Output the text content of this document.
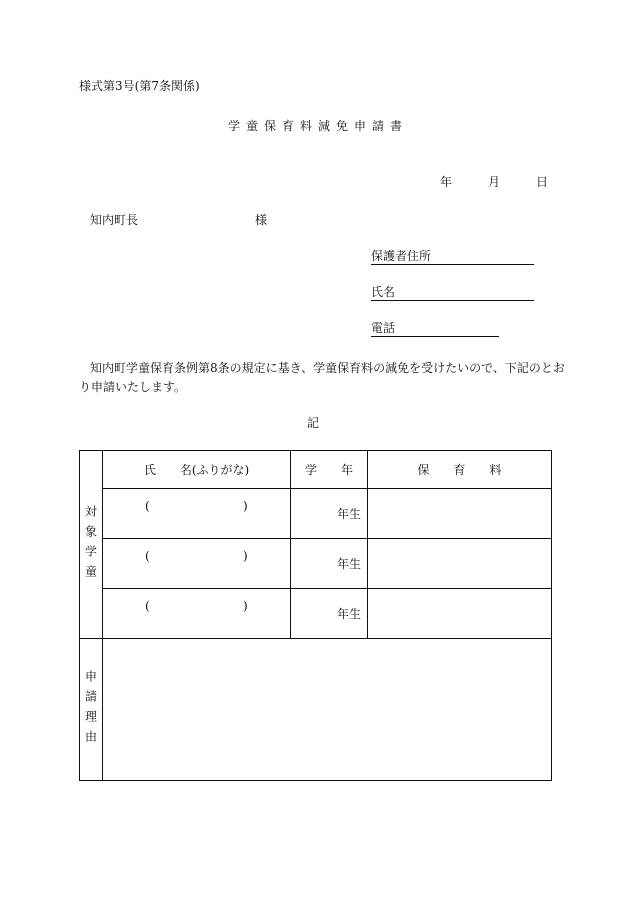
様式第3号(第7条関係)
学童保育料減免申請書
年	月	日
知内町長	様
保護者住所
氏名
電話
知内町学童保育条例第8条の規定に基き、学童保育料の減免を受けたいので、下記のとお
り申請いたします。
記
対象学童	氏　　名(ふりがな)	学　　年	保　　育　　料

	( )	年生	

	( )	年生	

	( )	年生	
申請理由			
